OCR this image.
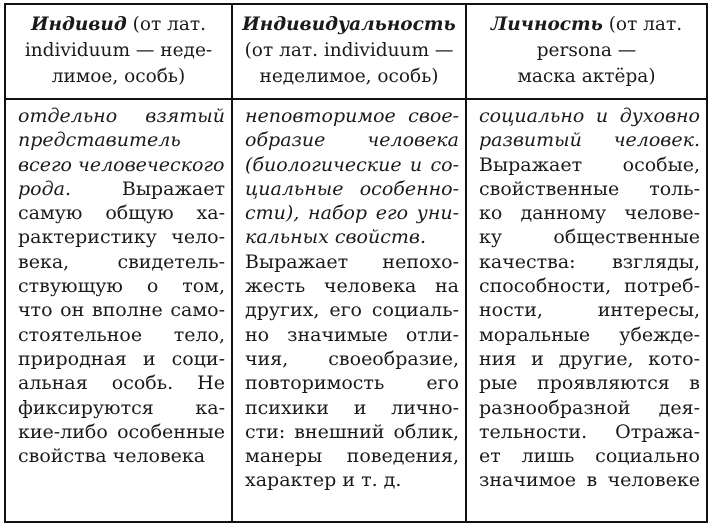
Индивид (от лат.
individuum — неде-
лимое, особь)
Индивидуальность
(от лат. individuum —
неделимое, особь)
Личность (от лат.
persona —
маска актёра)
отдельно взятый
представитель
всего человеческого
рода. Выражает
самую общую ха-
рактеристику чело-
века, свидетель-
ствующую о том,
что он вполне само-
стоятельное тело,
природная и соци-
альная особь. Не
фиксируются ка-
кие-либо особенные
свойства человека
неповторимое свое-
образие человека
(биологические и со-
циальные особеннo-
сти), набор его уни-
кальных свойств.
Выражает непохо-
жесть человека на
других, его социаль-
но значимые отли-
чия, своеобразие,
повторимость его
психики и личнo-
сти: внешний облик,
манеры поведения,
характер и т. д.
социально и духовно
развитый человек.
Выражает особые,
свойственные толь-
ко данному челове-
ку общественные
качества: взгляды,
способности, потреб-
ности, интересы,
моральные убежде-
ния и другие, кото-
рые проявляются в
разнообразной дея-
тельности. Отража-
ет лишь социально
значимое в человеке
